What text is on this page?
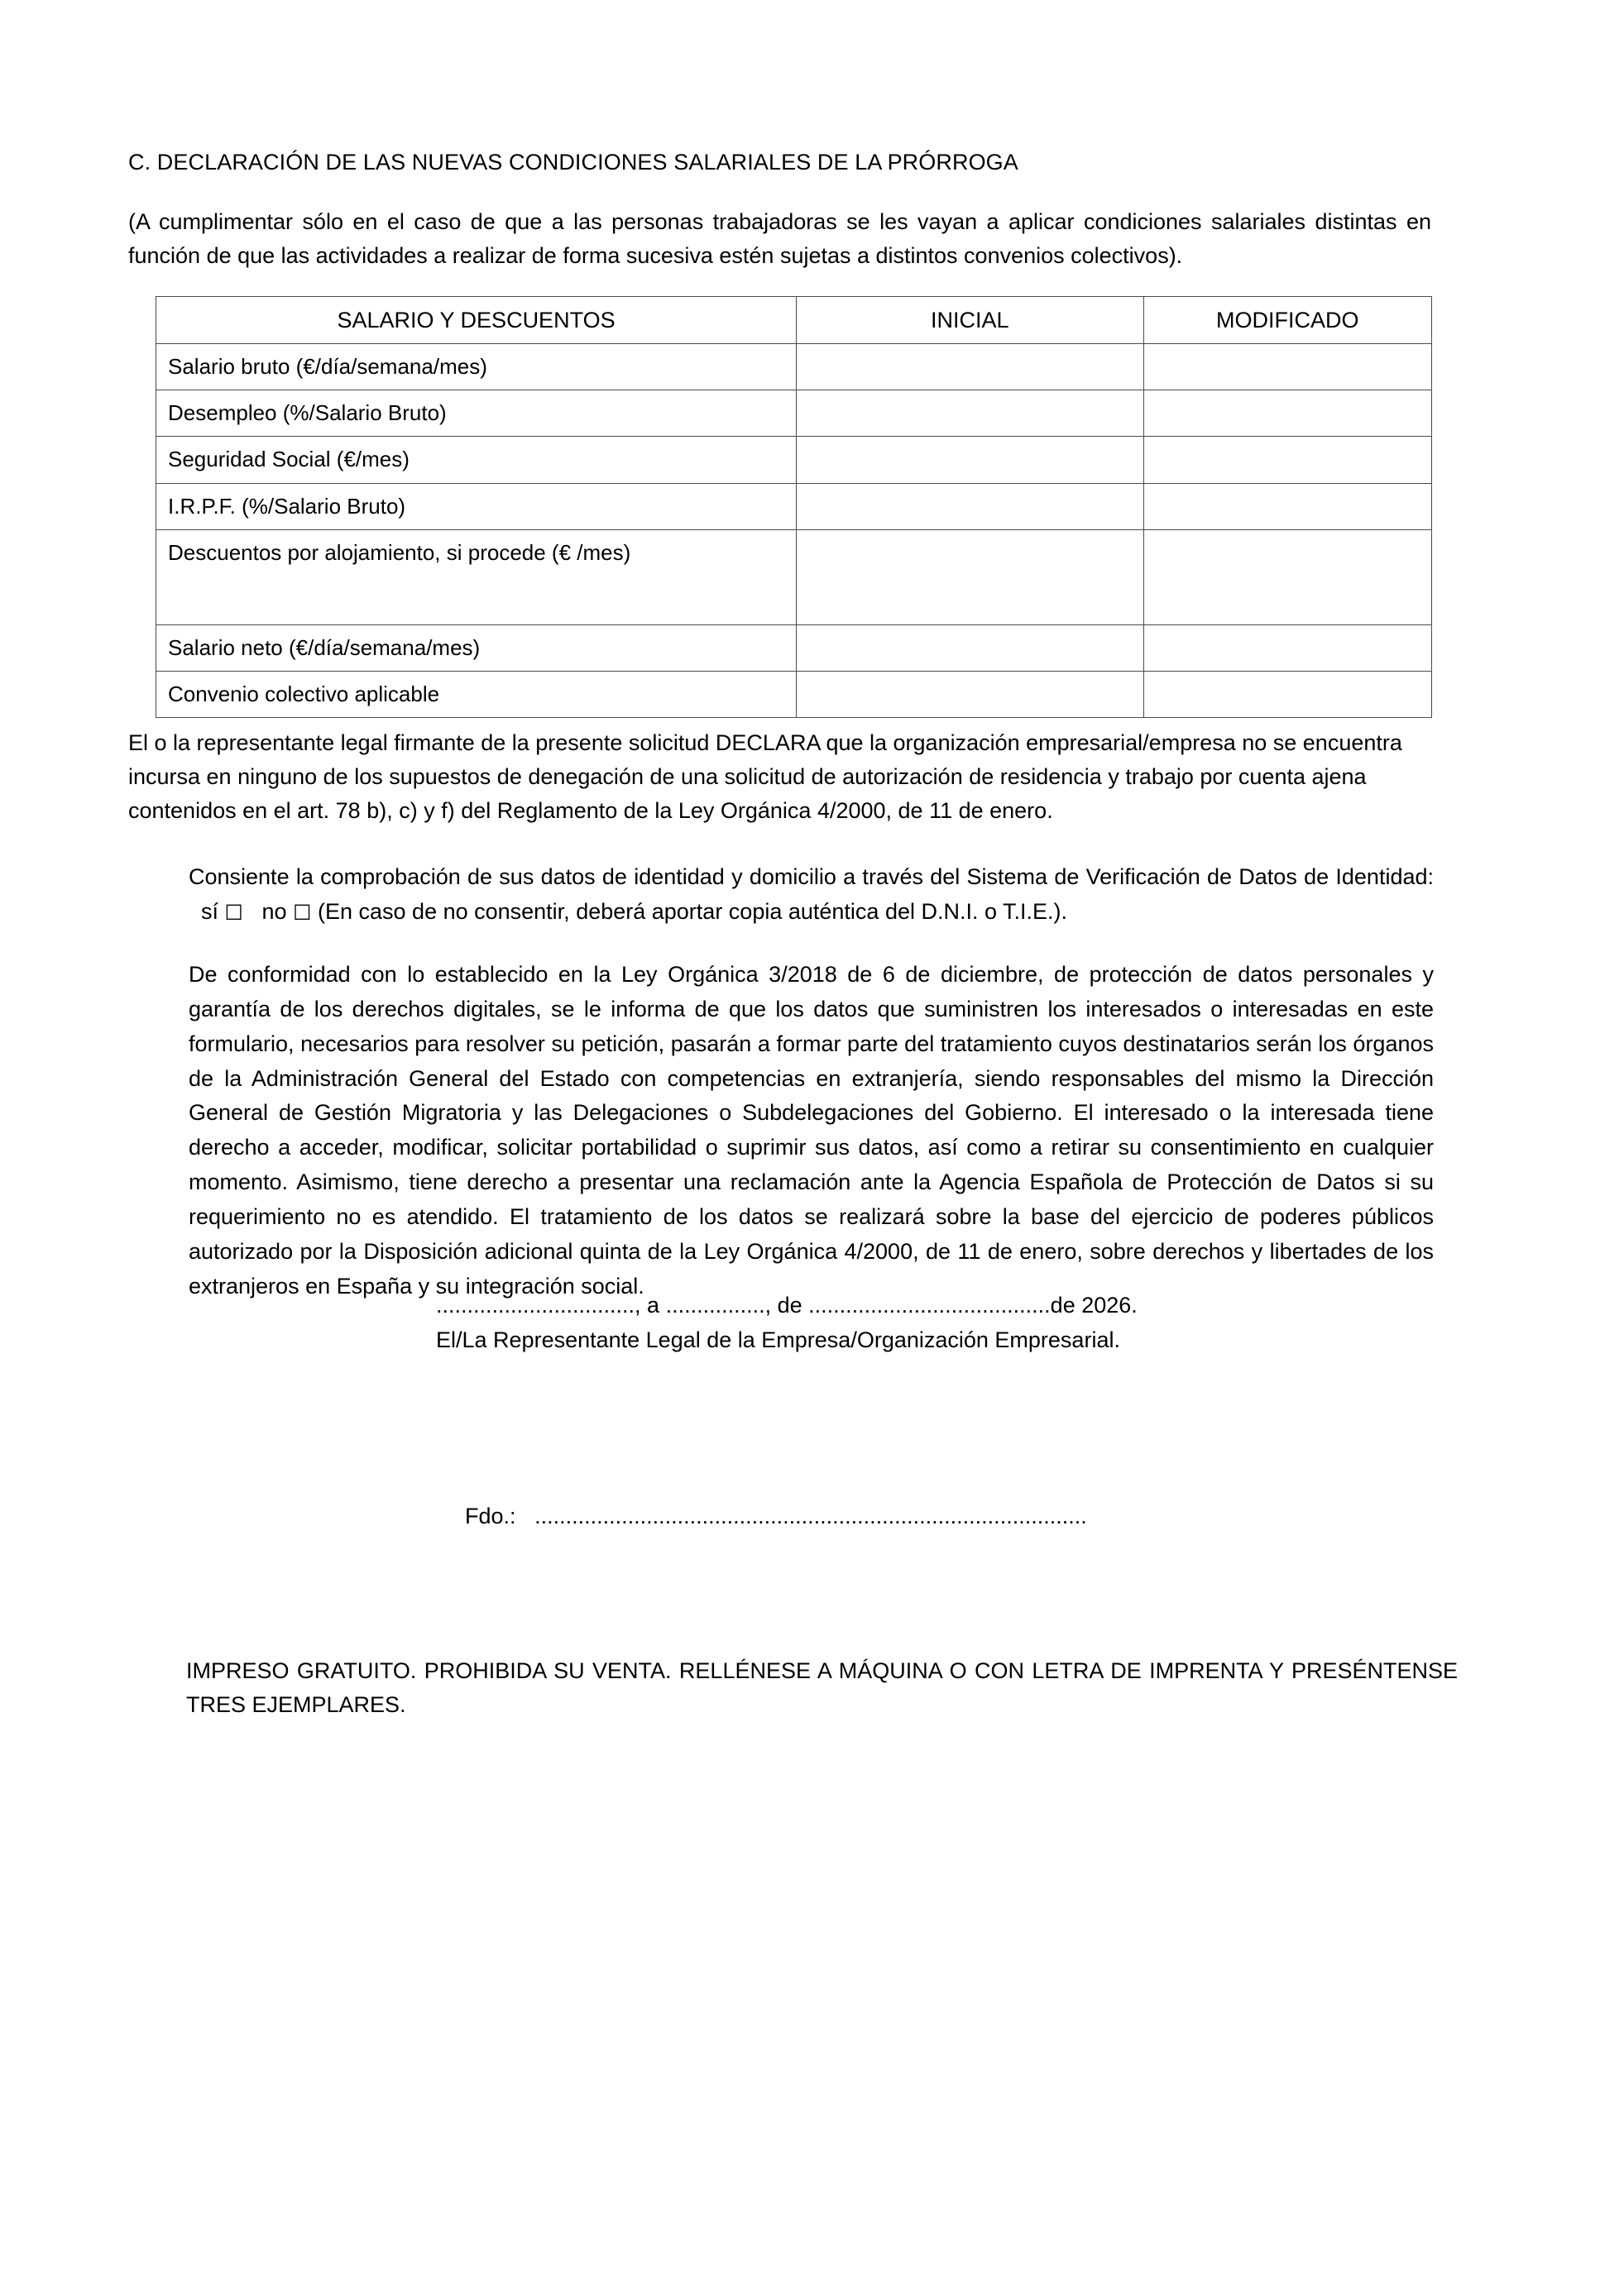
C. DECLARACIÓN DE LAS NUEVAS CONDICIONES SALARIALES DE LA PRÓRROGA
(A cumplimentar sólo en el caso de que a las personas trabajadoras se les vayan a aplicar condiciones salariales distintas en función de que las actividades a realizar de forma sucesiva estén sujetas a distintos convenios colectivos).
SALARIO Y DESCUENTOS	INICIAL	MODIFICADO
Salario bruto (€/día/semana/mes)		
Desempleo (%/Salario Bruto)		
Seguridad Social (€/mes)		
I.R.P.F. (%/Salario Bruto)		
Descuentos por alojamiento, si procede (€ /mes)		
Salario neto (€/día/semana/mes)		
Convenio colectivo aplicable		
El o la representante legal firmante de la presente solicitud DECLARA que la organización empresarial/empresa no se encuentra incursa en ninguno de los supuestos de denegación de una solicitud de autorización de residencia y trabajo por cuenta ajena contenidos en el art. 78 b), c) y f) del Reglamento de la Ley Orgánica 4/2000, de 11 de enero.
Consiente la comprobación de sus datos de identidad y domicilio a través del Sistema de Verificación de Datos de Identidad:   sí ☐ no ☐ (En caso de no consentir, deberá aportar copia auténtica del D.N.I. o T.I.E.).
De conformidad con lo establecido en la Ley Orgánica 3/2018 de 6 de diciembre, de protección de datos personales y garantía de los derechos digitales, se le informa de que los datos que suministren los interesados o interesadas en este formulario, necesarios para resolver su petición, pasarán a formar parte del tratamiento cuyos destinatarios serán los órganos de la Administración General del Estado con competencias en extranjería, siendo responsables del mismo la Dirección General de Gestión Migratoria y las Delegaciones o Subdelegaciones del Gobierno. El interesado o la interesada tiene derecho a acceder, modificar, solicitar portabilidad o suprimir sus datos, así como a retirar su consentimiento en cualquier momento. Asimismo, tiene derecho a presentar una reclamación ante la Agencia Española de Protección de Datos si su requerimiento no es atendido. El tratamiento de los datos se realizará sobre la base del ejercicio de poderes públicos autorizado por la Disposición adicional quinta de la Ley Orgánica 4/2000, de 11 de enero, sobre derechos y libertades de los extranjeros en España y su integración social.
................................, a ................, de .......................................de 2026.
El/La Representante Legal de la Empresa/Organización Empresarial.
Fdo.: .........................................................................................
IMPRESO GRATUITO. PROHIBIDA SU VENTA. RELLÉNESE A MÁQUINA O CON LETRA DE IMPRENTA Y PRESÉNTENSE TRES EJEMPLARES.
